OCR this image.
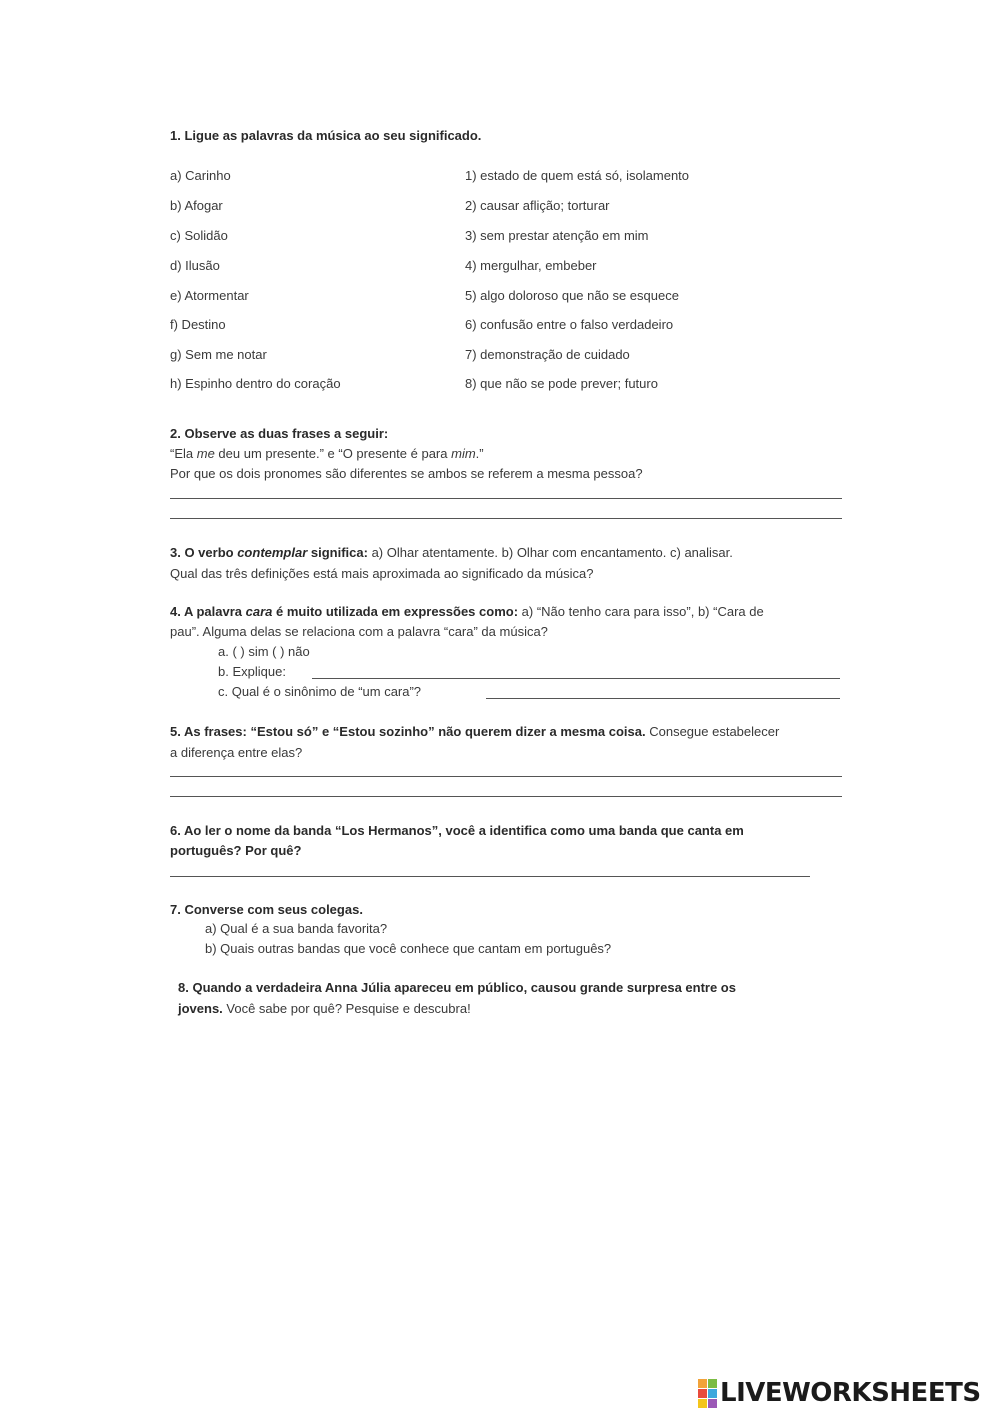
1. Ligue as palavras da música ao seu significado.
a) Carinho
b) Afogar
c) Solidão
d) Ilusão
e) Atormentar
f) Destino
g) Sem me notar
h) Espinho dentro do coração
1) estado de quem está só, isolamento
2) causar aflição; torturar
3) sem prestar atenção em mim
4) mergulhar, embeber
5) algo doloroso que não se esquece
6) confusão entre o falso verdadeiro
7) demonstração de cuidado
8) que não se pode prever; futuro
2. Observe as duas frases a seguir:
“Ela me deu um presente.” e “O presente é para mim.”
Por que os dois pronomes são diferentes se ambos se referem a mesma pessoa?
3. O verbo contemplar significa: a) Olhar atentamente. b) Olhar com encantamento. c) analisar.
Qual das três definições está mais aproximada ao significado da música?
4. A palavra cara é muito utilizada em expressões como: a) “Não tenho cara para isso”, b) “Cara de
pau”. Alguma delas se relaciona com a palavra “cara” da música?
a. ( ) sim ( ) não
b. Explique:
c. Qual é o sinônimo de “um cara”?
5. As frases: “Estou só” e “Estou sozinho” não querem dizer a mesma coisa. Consegue estabelecer
a diferença entre elas?
6. Ao ler o nome da banda “Los Hermanos”, você a identifica como uma banda que canta em
português? Por quê?
7. Converse com seus colegas.
a) Qual é a sua banda favorita?
b) Quais outras bandas que você conhece que cantam em português?
8. Quando a verdadeira Anna Júlia apareceu em público, causou grande surpresa entre os
jovens. Você sabe por quê? Pesquise e descubra!
LIVEWORKSHEETS
